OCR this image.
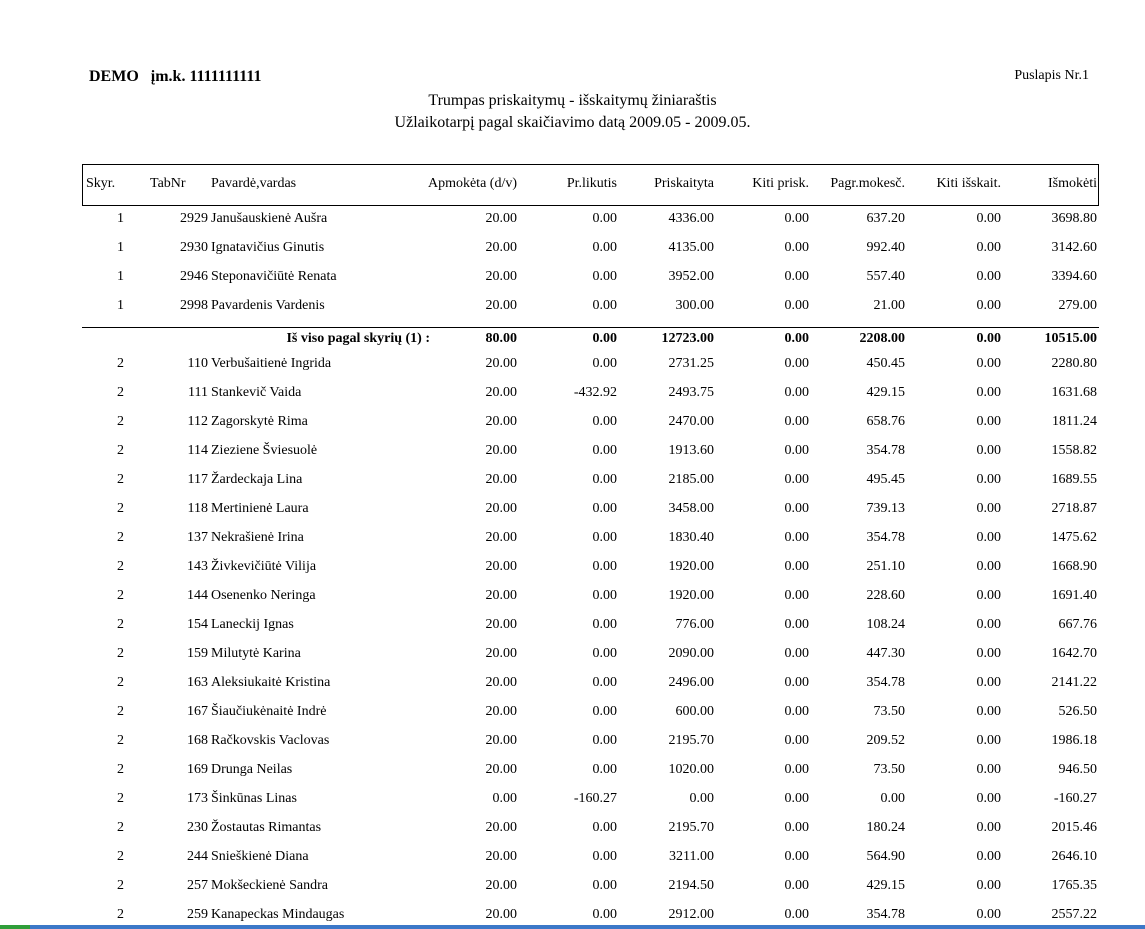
DEMO   įm.k. 1111111111	Puslapis Nr.1
Trumpas priskaitymų - išskaitymų žiniaraštis
Užlaikotarpį pagal skaičiavimo datą 2009.05 - 2009.05.
Skyr. TabNr Pavardė,vardas	Apmokėta (d/v)	Pr.likutis	Priskaityta	Kiti prisk.	Pagr.mokesč.	Kiti išskait.	Išmokėti
1	2929 Janušauskienė Aušra	20.00	0.00	4336.00	0.00	637.20	0.00	3698.80
1	2930 Ignatavičius Ginutis	20.00	0.00	4135.00	0.00	992.40	0.00	3142.60
1	2946 Steponavičiūtė Renata	20.00	0.00	3952.00	0.00	557.40	0.00	3394.60
1	2998 Pavardenis Vardenis	20.00	0.00	300.00	0.00	21.00	0.00	279.00
Iš viso pagal skyrių (1) :	80.00	0.00	12723.00	0.00	2208.00	0.00	10515.00
2	110 Verbušaitienė Ingrida	20.00	0.00	2731.25	0.00	450.45	0.00	2280.80
2	111 Stankevič Vaida	20.00	-432.92	2493.75	0.00	429.15	0.00	1631.68
2	112 Zagorskytė Rima	20.00	0.00	2470.00	0.00	658.76	0.00	1811.24
2	114 Zieziene Šviesuolė	20.00	0.00	1913.60	0.00	354.78	0.00	1558.82
2	117 Žardeckaja Lina	20.00	0.00	2185.00	0.00	495.45	0.00	1689.55
2	118 Mertinienė Laura	20.00	0.00	3458.00	0.00	739.13	0.00	2718.87
2	137 Nekrašienė Irina	20.00	0.00	1830.40	0.00	354.78	0.00	1475.62
2	143 Živkevičiūtė Vilija	20.00	0.00	1920.00	0.00	251.10	0.00	1668.90
2	144 Osenenko Neringa	20.00	0.00	1920.00	0.00	228.60	0.00	1691.40
2	154 Laneckij Ignas	20.00	0.00	776.00	0.00	108.24	0.00	667.76
2	159 Milutytė Karina	20.00	0.00	2090.00	0.00	447.30	0.00	1642.70
2	163 Aleksiukaitė Kristina	20.00	0.00	2496.00	0.00	354.78	0.00	2141.22
2	167 Šiaučiukėnaitė Indrė	20.00	0.00	600.00	0.00	73.50	0.00	526.50
2	168 Račkovskis Vaclovas	20.00	0.00	2195.70	0.00	209.52	0.00	1986.18
2	169 Drunga Neilas	20.00	0.00	1020.00	0.00	73.50	0.00	946.50
2	173 Šinkūnas Linas	0.00	-160.27	0.00	0.00	0.00	0.00	-160.27
2	230 Žostautas Rimantas	20.00	0.00	2195.70	0.00	180.24	0.00	2015.46
2	244 Snieškienė Diana	20.00	0.00	3211.00	0.00	564.90	0.00	2646.10
2	257 Mokšeckienė Sandra	20.00	0.00	2194.50	0.00	429.15	0.00	1765.35
2	259 Kanapeckas Mindaugas	20.00	0.00	2912.00	0.00	354.78	0.00	2557.22
